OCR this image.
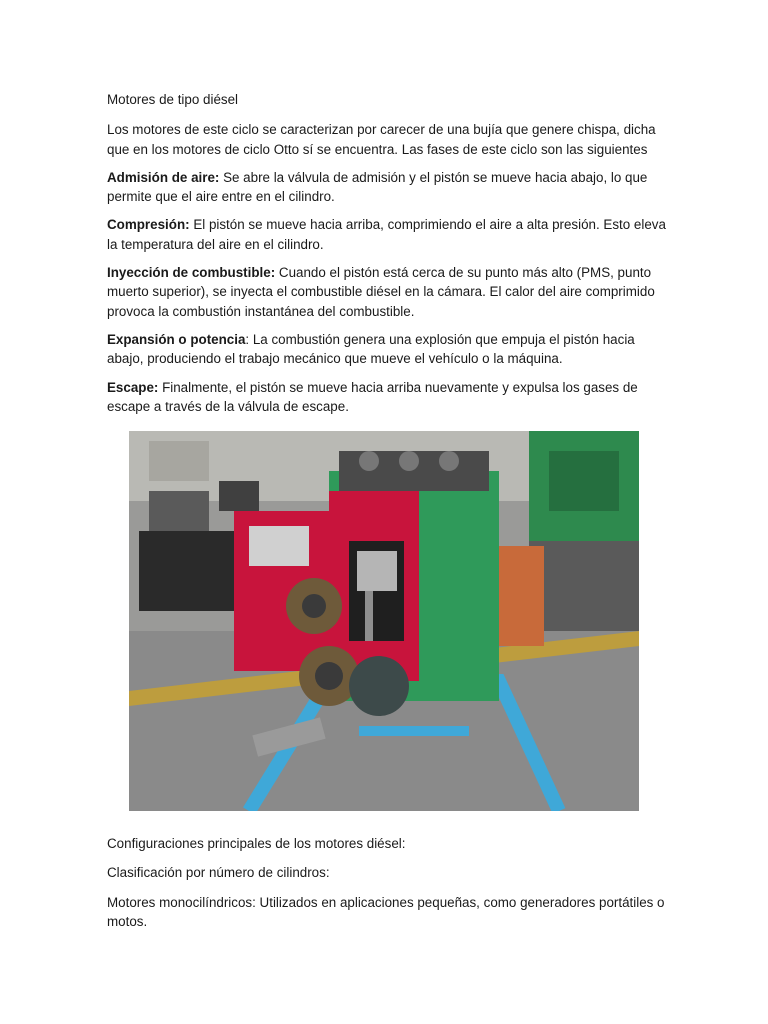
Motores de tipo diésel

Los motores de este ciclo se caracterizan por carecer de una bujía que genere chispa, dicha que en los motores de ciclo Otto sí se encuentra. Las fases de este ciclo son las siguientes

Admisión de aire: Se abre la válvula de admisión y el pistón se mueve hacia abajo, lo que permite que el aire entre en el cilindro.

Compresión: El pistón se mueve hacia arriba, comprimiendo el aire a alta presión. Esto eleva la temperatura del aire en el cilindro.

Inyección de combustible: Cuando el pistón está cerca de su punto más alto (PMS, punto muerto superior), se inyecta el combustible diésel en la cámara. El calor del aire comprimido provoca la combustión instantánea del combustible.

Expansión o potencia: La combustión genera una explosión que empuja el pistón hacia abajo, produciendo el trabajo mecánico que mueve el vehículo o la máquina.

Escape: Finalmente, el pistón se mueve hacia arriba nuevamente y expulsa los gases de escape a través de la válvula de escape.

Configuraciones principales de los motores diésel:

Clasificación por número de cilindros:

Motores monocilíndricos: Utilizados en aplicaciones pequeñas, como generadores portátiles o motos.
